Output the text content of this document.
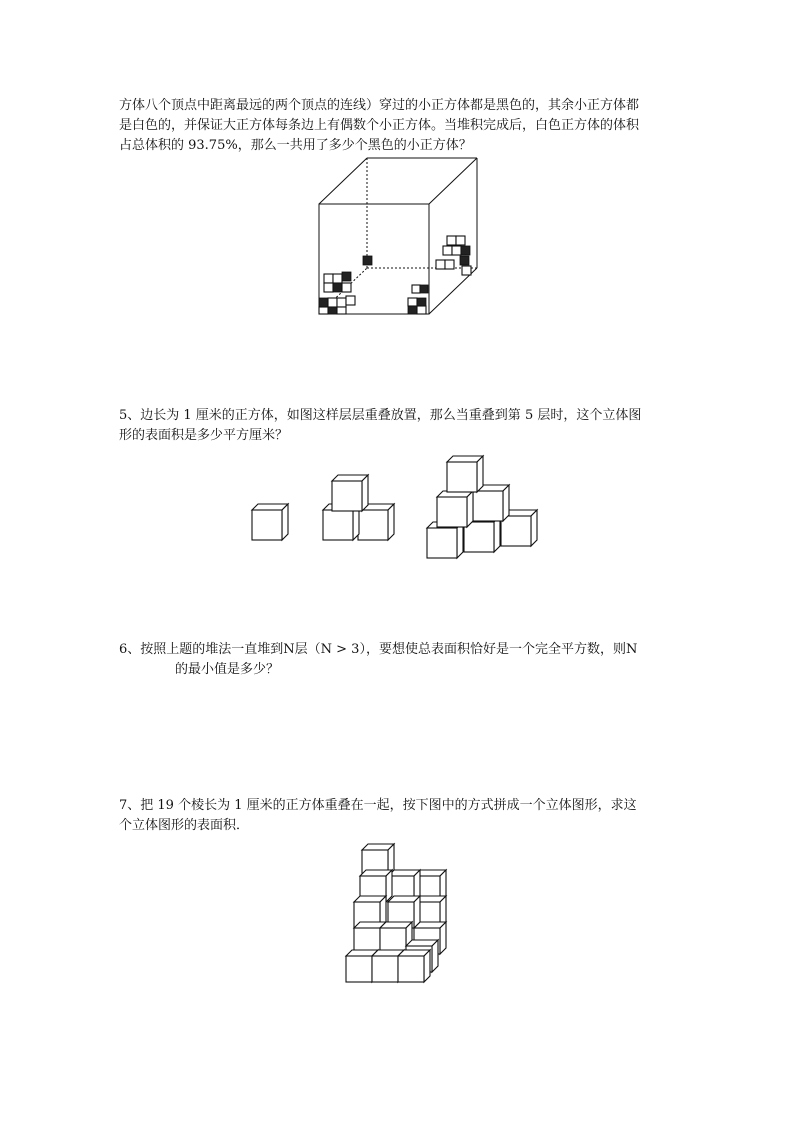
方体八个顶点中距离最远的两个顶点的连线）穿过的小正方体都是黑色的，其余小正方体都
是白色的，并保证大正方体每条边上有偶数个小正方体。当堆积完成后，白色正方体的体积
占总体积的 93.75%，那么一共用了多少个黑色的小正方体？

5、边长为 1 厘米的正方体，如图这样层层重叠放置，那么当重叠到第 5 层时，这个立体图
形的表面积是多少平方厘米？

6、按照上题的堆法一直堆到N层（N > 3），要想使总表面积恰好是一个完全平方数，则N

的最小值是多少？

7、把 19 个棱长为 1 厘米的正方体重叠在一起，按下图中的方式拼成一个立体图形，求这
个立体图形的表面积．
